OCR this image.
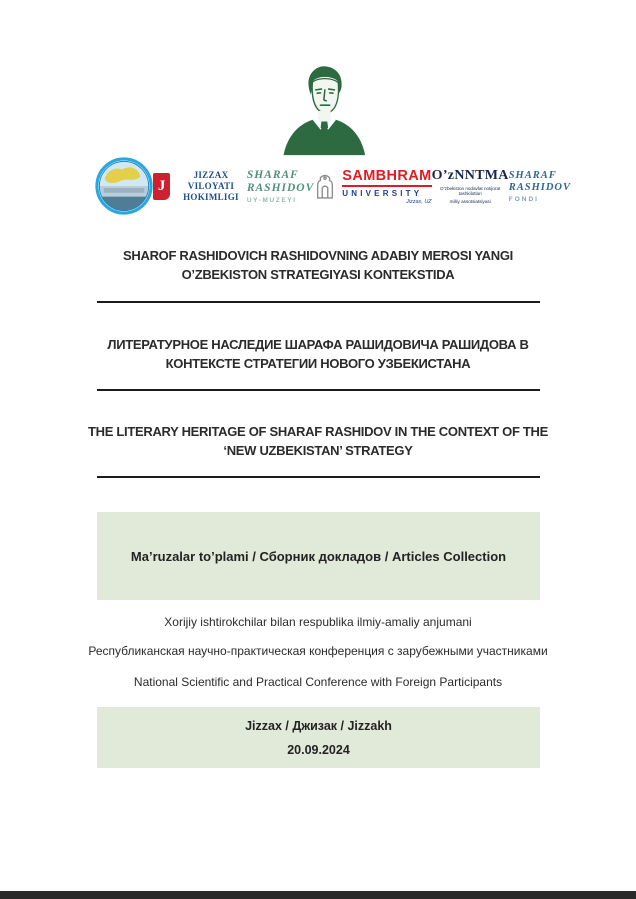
J
JIZZAX VILOYATI
HOKIMLIGI
SHARAF
RASHIDOV
UY-MUZEYI
SAMBHRAM
UNIVERSITY
Jizzax, UZ
O’zNNTMA
O’zbekiston nodavlat notijorat tashkilotlari
milliy assotsiatsiyasi
SHARAF
RASHIDOV
FONDI
SHAROF RASHIDOVICH RASHIDOVNING ADABIY MEROSI YANGI
O’ZBEKISTON STRATEGIYASI KONTEKSTIDA
ЛИТЕРАТУРНОЕ НАСЛЕДИЕ ШАРАФА РАШИДОВИЧА РАШИДОВА В
КОНТЕКСТЕ СТРАТЕГИИ НОВОГО УЗБЕКИСТАНА
THE LITERARY HERITAGE OF SHARAF RASHIDOV IN THE CONTEXT OF THE
‘NEW UZBEKISTAN’ STRATEGY
Ma’ruzalar to’plami / Сборник докладов / Articles Collection
Xorijiy ishtirokchilar bilan respublika ilmiy-amaliy anjumani
Республиканская научно-практическая конференция с зарубежными участниками
National Scientific and Practical Conference with Foreign Participants
Jizzax / Джизак / Jizzakh
20.09.2024
